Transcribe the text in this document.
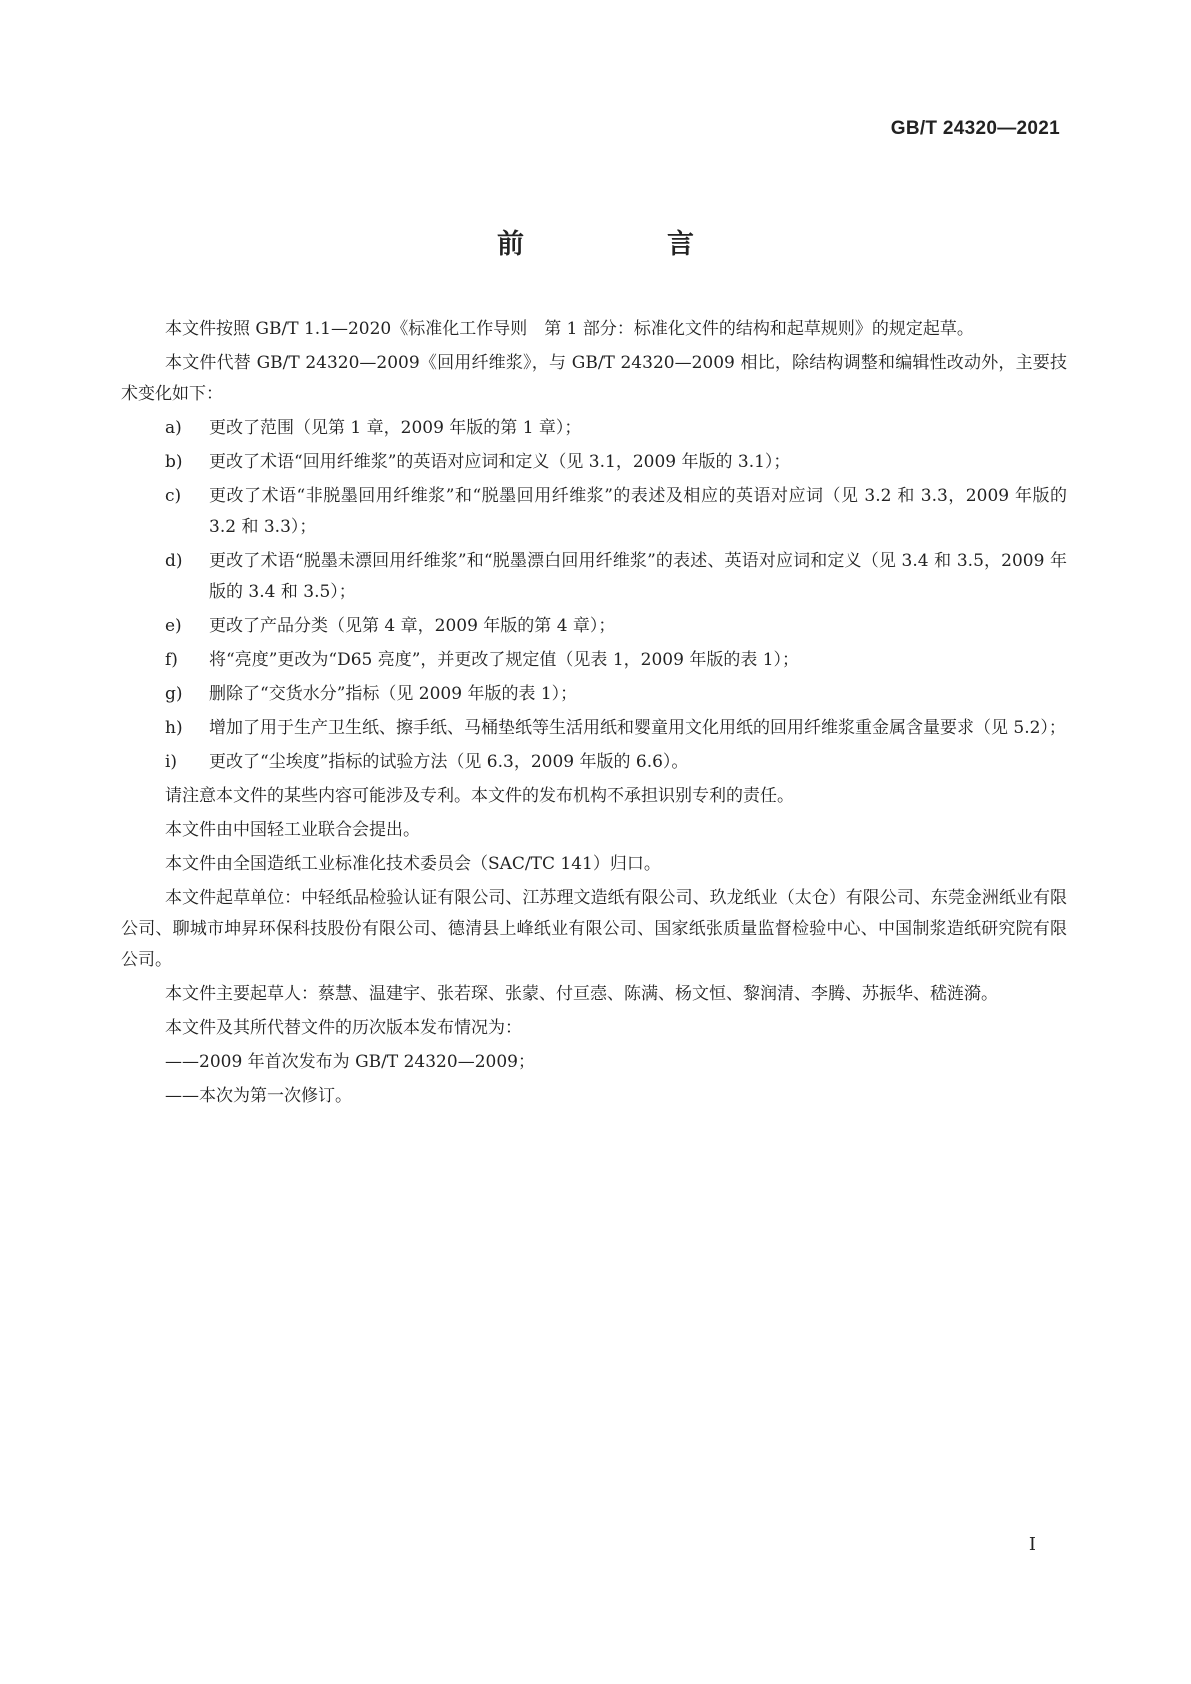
GB/T 24320—2021
前　言

本文件按照 GB/T 1.1—2020《标准化工作导则　第 1 部分：标准化文件的结构和起草规则》的规定起草。

本文件代替 GB/T 24320—2009《回用纤维浆》，与 GB/T 24320—2009 相比，除结构调整和编辑性改动外，主要技术变化如下：

a)	更改了范围（见第 1 章，2009 年版的第 1 章）；
b)	更改了术语“回用纤维浆”的英语对应词和定义（见 3.1，2009 年版的 3.1）；
c)	更改了术语“非脱墨回用纤维浆”和“脱墨回用纤维浆”的表述及相应的英语对应词（见 3.2 和 3.3，2009 年版的 3.2 和 3.3）；
d)	更改了术语“脱墨未漂回用纤维浆”和“脱墨漂白回用纤维浆”的表述、英语对应词和定义（见 3.4 和 3.5，2009 年版的 3.4 和 3.5）；
e)	更改了产品分类（见第 4 章，2009 年版的第 4 章）；
f)	将“亮度”更改为“D65 亮度”，并更改了规定值（见表 1，2009 年版的表 1）；
g)	删除了“交货水分”指标（见 2009 年版的表 1）；
h)	增加了用于生产卫生纸、擦手纸、马桶垫纸等生活用纸和婴童用文化用纸的回用纤维浆重金属含量要求（见 5.2）；
i)	更改了“尘埃度”指标的试验方法（见 6.3，2009 年版的 6.6）。

请注意本文件的某些内容可能涉及专利。本文件的发布机构不承担识别专利的责任。

本文件由中国轻工业联合会提出。

本文件由全国造纸工业标准化技术委员会（SAC/TC 141）归口。

本文件起草单位：中轻纸品检验认证有限公司、江苏理文造纸有限公司、玖龙纸业（太仓）有限公司、东莞金洲纸业有限公司、聊城市坤昇环保科技股份有限公司、德清县上峰纸业有限公司、国家纸张质量监督检验中心、中国制浆造纸研究院有限公司。

本文件主要起草人：蔡慧、温建宇、张若琛、张蒙、付亘悫、陈满、杨文恒、黎润清、李腾、苏振华、嵇涟漪。

本文件及其所代替文件的历次版本发布情况为：

——2009 年首次发布为 GB/T 24320—2009；
——本次为第一次修订。
I
